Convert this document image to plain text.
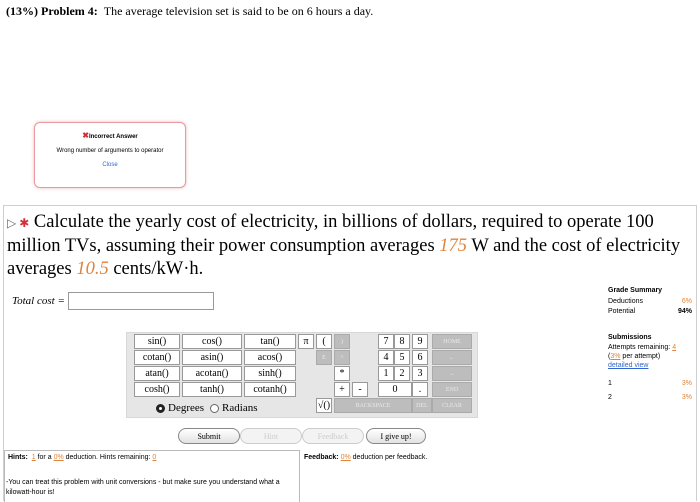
(13%) Problem 4: The average television set is said to be on 6 hours a day.
✖Incorrect Answer
Wrong number of arguments to operator
Close
▷ ✱ Calculate the yearly cost of electricity, in billions of dollars, required to operate 100 million TVs, assuming their power consumption averages 175 W and the cost of electricity averages 10.5 cents/kW·h.
Total cost =
sin()	cos()	tan()
cotan()	asin()	acos()
atan()	acotan()	sinh()
cosh()	tanh()	cotanh()
π	(	)
E	^
*
+	-
√()
7	8	9
4	5	6
1	2	3
0	.
HOME
←
→
END
BACKSPACE	DEL	CLEAR
Degrees Radians
Submit	Hint	Feedback	I give up!
Hints: 1 for a 0% deduction. Hints remaining: 0
-You can treat this problem with unit conversions - but make sure you understand what a kilowatt-hour is!
Feedback: 0% deduction per feedback.
Grade Summary
Deductions	6%
Potential	94%
Submissions
Attempts remaining: 4
(3% per attempt)
detailed view
1	3%
2	3%
